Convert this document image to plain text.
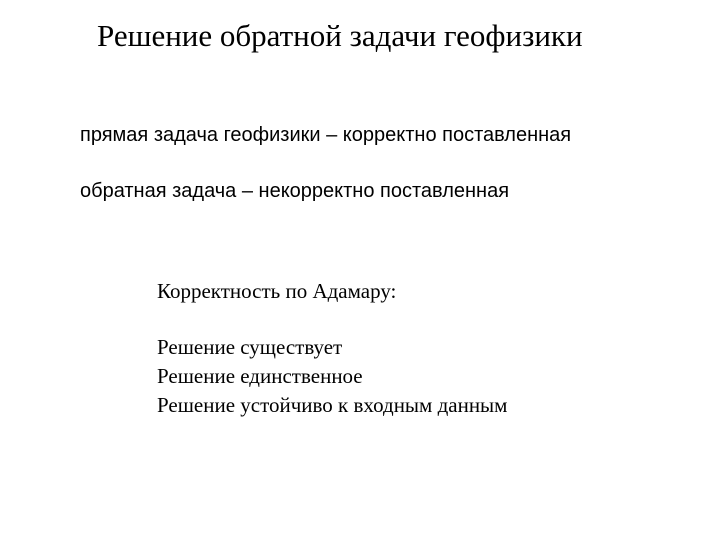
Решение обратной задачи геофизики
прямая задача геофизики – корректно поставленная
обратная задача – некорректно поставленная
Корректность по Адамару:
Решение существует
Решение единственное
Решение устойчиво к входным данным
